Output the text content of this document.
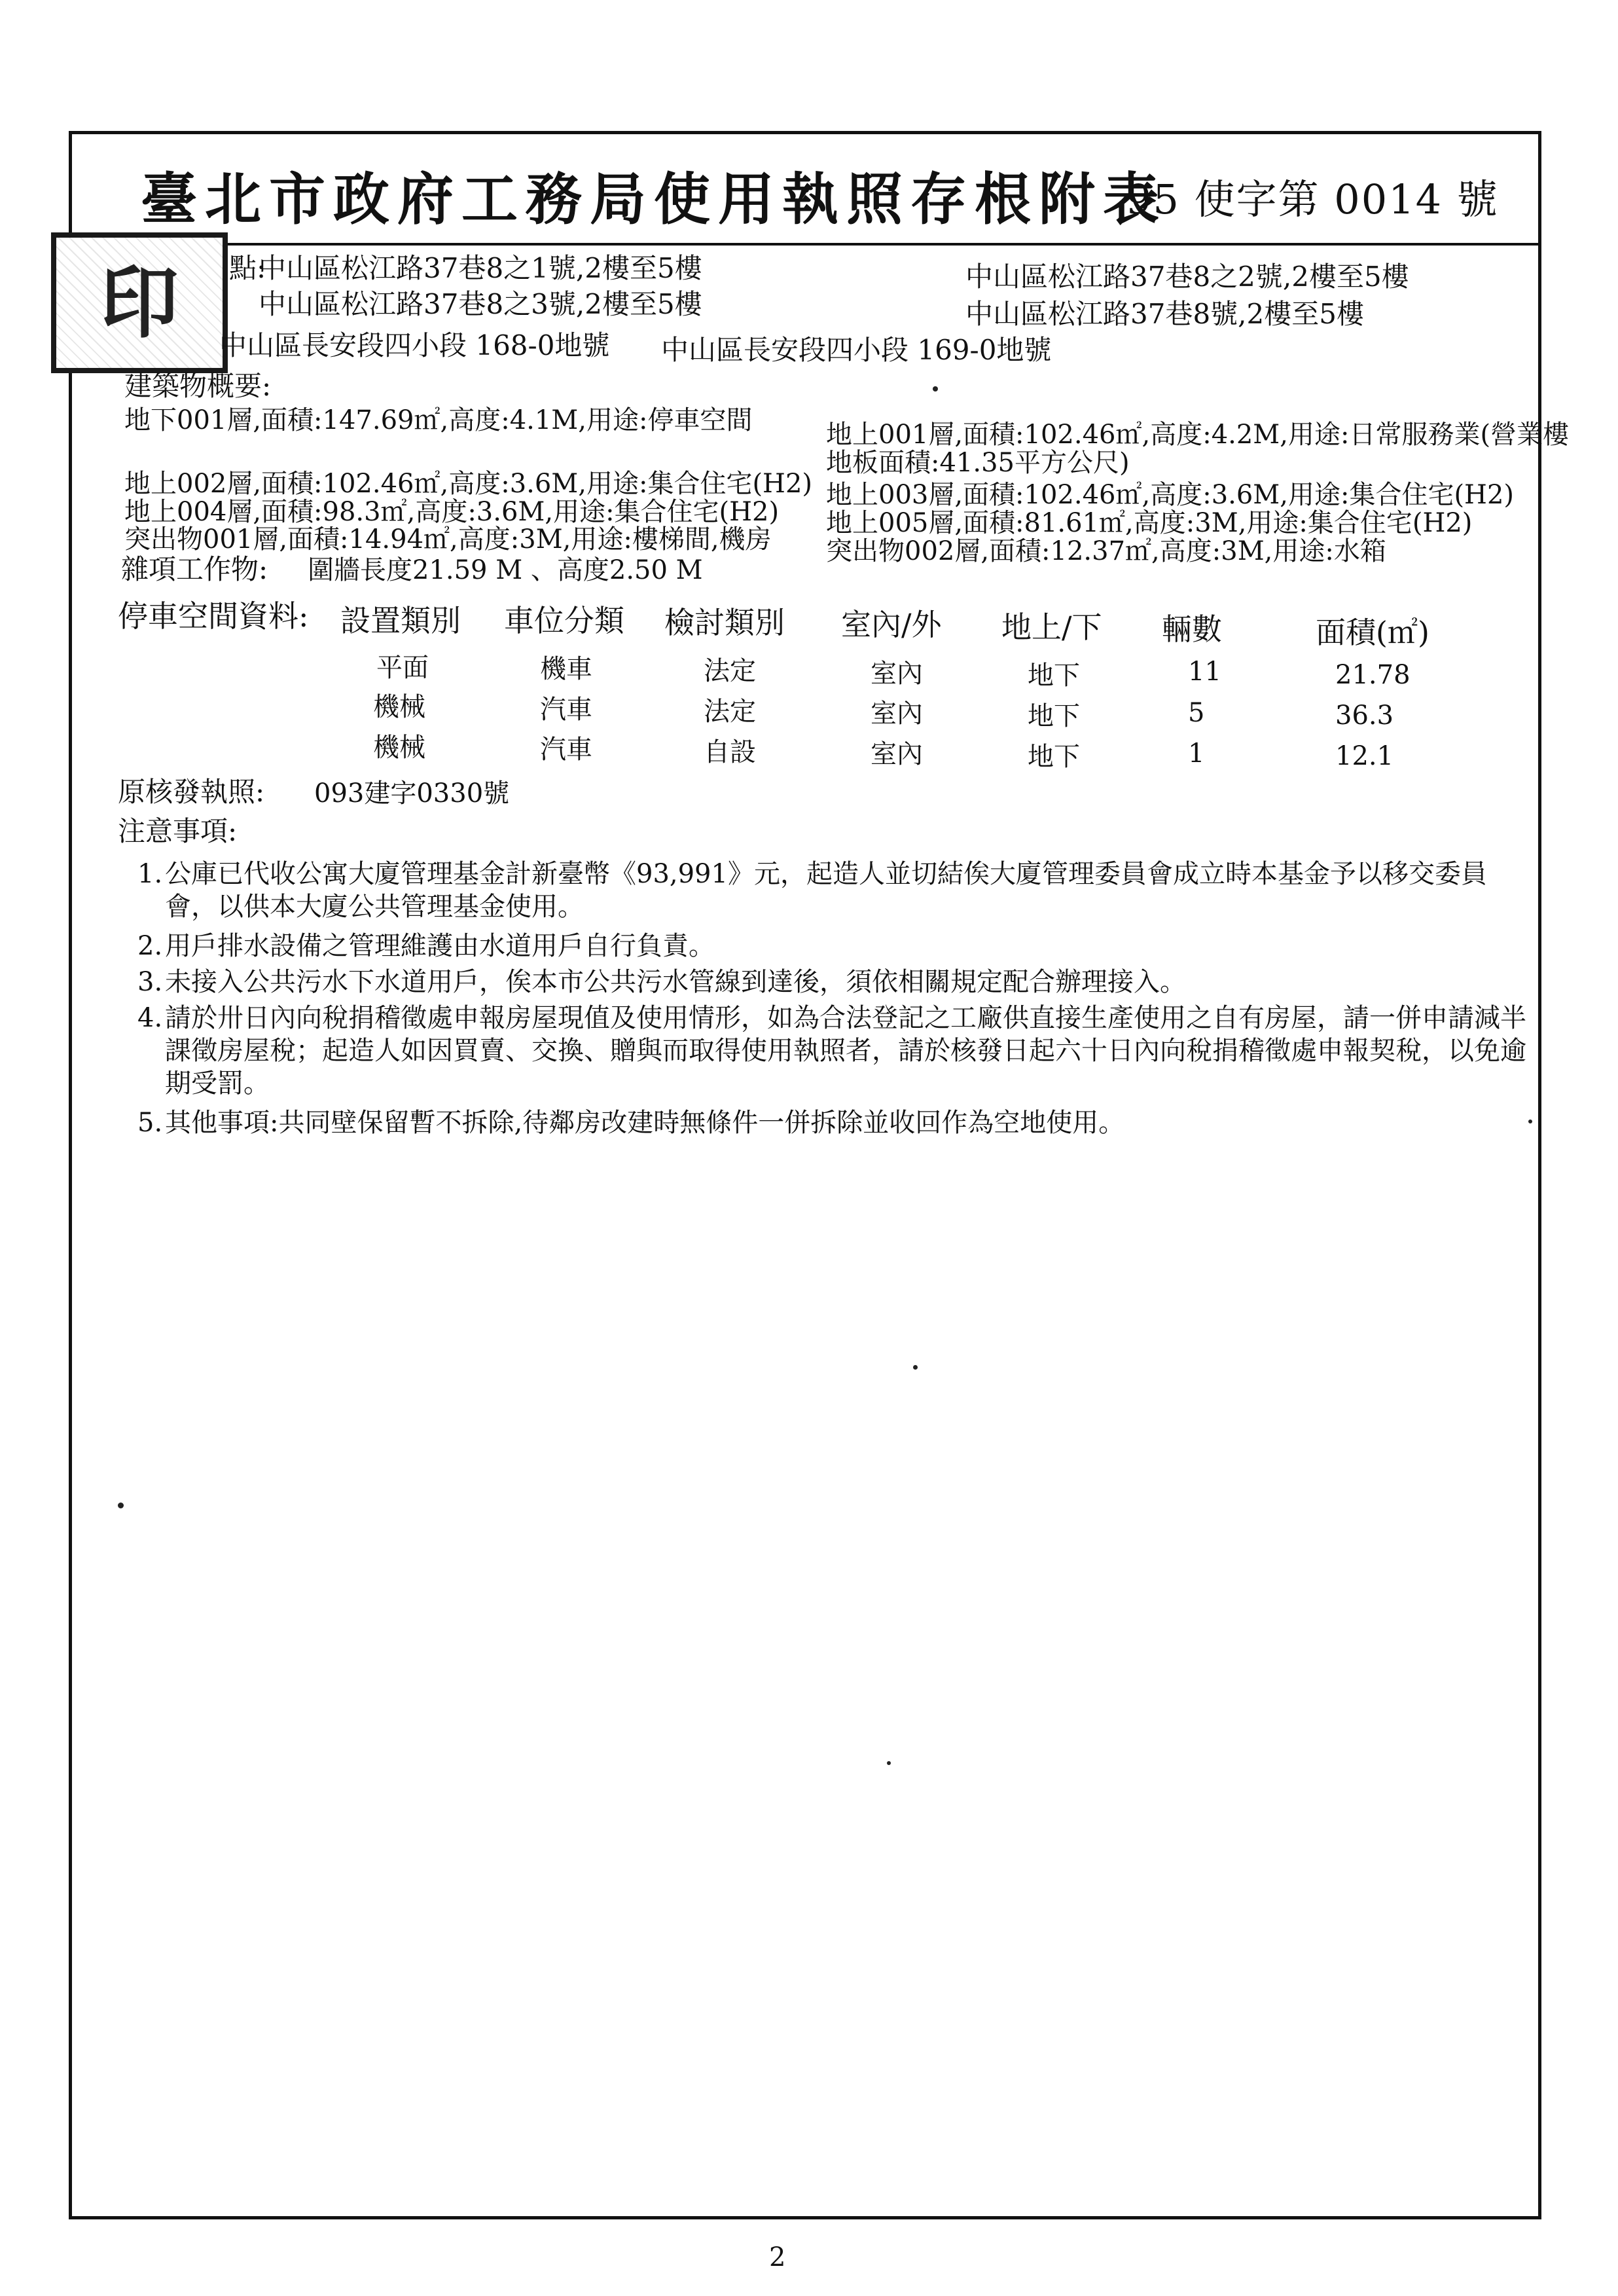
臺北市政府工務局使用執照存根附表
95 使字第 0014 號
印 點:
中山區松江路37巷8之1號,2樓至5樓	中山區松江路37巷8之2號,2樓至5樓
中山區松江路37巷8之3號,2樓至5樓	中山區松江路37巷8號,2樓至5樓
中山區長安段四小段 168-0地號 中山區長安段四小段 169-0地號
建築物概要:
地下001層,面積:147.69㎡,高度:4.1M,用途:停車空間
地上002層,面積:102.46㎡,高度:3.6M,用途:集合住宅(H2)
地上004層,面積:98.3㎡,高度:3.6M,用途:集合住宅(H2)
突出物001層,面積:14.94㎡,高度:3M,用途:樓梯間,機房
地上001層,面積:102.46㎡,高度:4.2M,用途:日常服務業(營業樓
地板面積:41.35平方公尺)
地上003層,面積:102.46㎡,高度:3.6M,用途:集合住宅(H2)
地上005層,面積:81.61㎡,高度:3M,用途:集合住宅(H2)
突出物002層,面積:12.37㎡,高度:3M,用途:水箱
雜項工作物: 圍牆長度21.59 M 、高度2.50 M
停車空間資料: 設置類別 車位分類 檢討類別 室內/外 地上/下 輛數	面積(㎡)
平面	機車	法定	室內	地下	11	21.78
機械	汽車	法定	室內	地下	5	36.3
機械	汽車	自設	室內	地下	1	12.1
原核發執照: 093建字0330號
注意事項:
1. 公庫已代收公寓大廈管理基金計新臺幣《93,991》元，起造人並切結俟大廈管理委員會成立時本基金予以移交委員會，以供本大廈公共管理基金使用。
2. 用戶排水設備之管理維護由水道用戶自行負責。
3. 未接入公共污水下水道用戶，俟本市公共污水管線到達後，須依相關規定配合辦理接入。
4. 請於卅日內向稅捐稽徵處申報房屋現值及使用情形，如為合法登記之工廠供直接生產使用之自有房屋，請一併申請減半課徵房屋稅；起造人如因買賣、交換、贈與而取得使用執照者，請於核發日起六十日內向稅捐稽徵處申報契稅，以免逾期受罰。
5. 其他事項:共同壁保留暫不拆除,待鄰房改建時無條件一併拆除並收回作為空地使用。
2
